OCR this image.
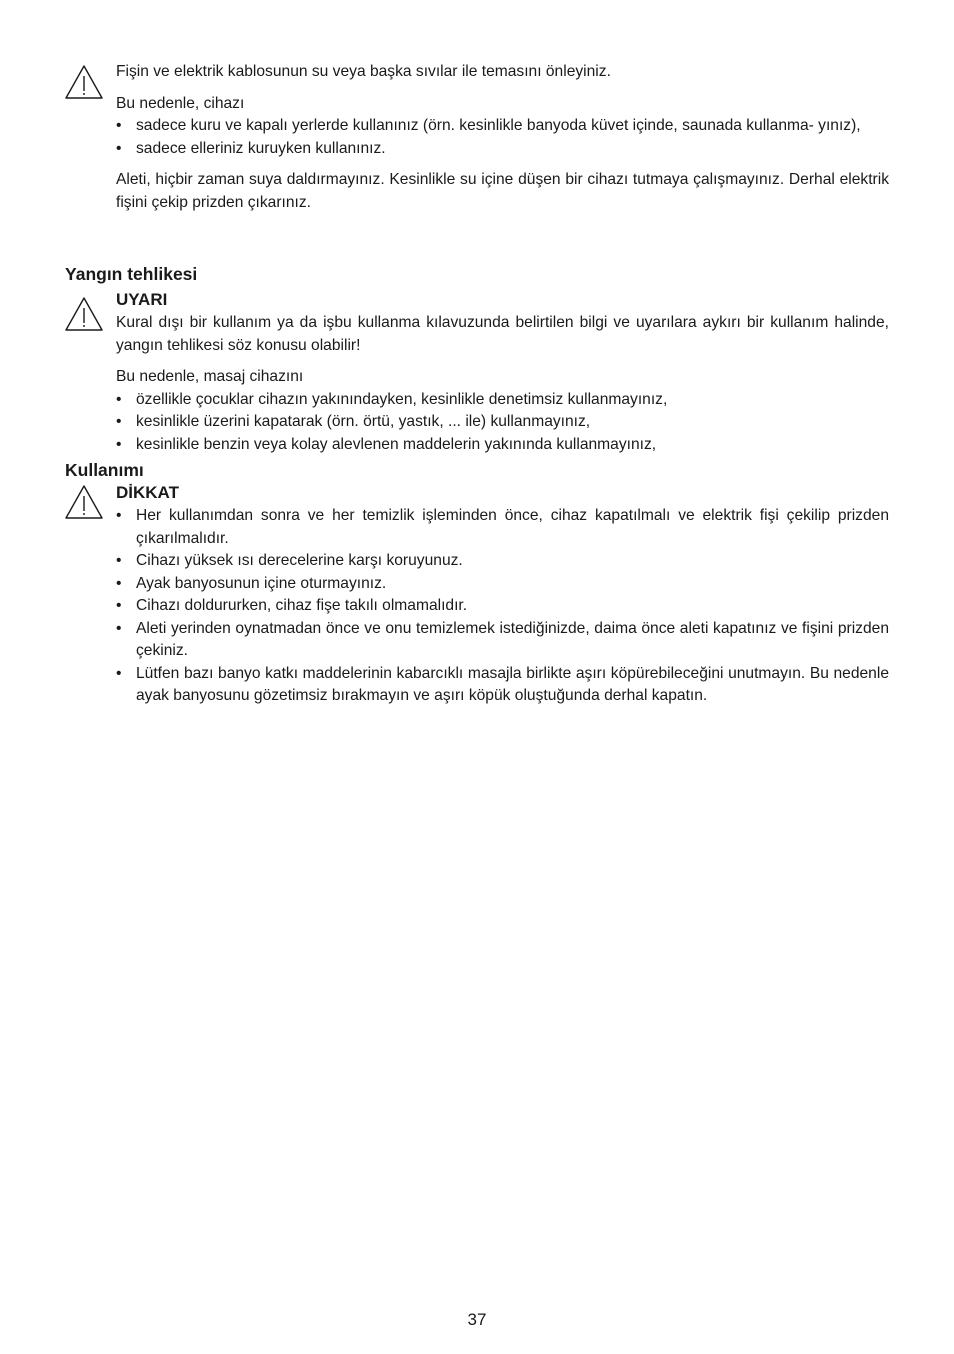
Fişin ve elektrik kablosunun su veya başka sıvılar ile temasını önleyiniz.

Bu nedenle, cihazı

• sadece kuru ve kapalı yerlerde kullanınız (örn. kesinlikle banyoda küvet içinde, saunada kullanma- yınız),
• sadece elleriniz kuruyken kullanınız.

Aleti, hiçbir zaman suya daldırmayınız. Kesinlikle su içine düşen bir cihazı tutmaya çalışmayınız. Derhal elektrik fişini çekip prizden çıkarınız.

Yangın tehlikesi

UYARI

Kural dışı bir kullanım ya da işbu kullanma kılavuzunda belirtilen bilgi ve uyarılara aykırı bir kullanım halinde, yangın tehlikesi söz konusu olabilir!

Bu nedenle, masaj cihazını

• özellikle çocuklar cihazın yakınındayken, kesinlikle denetimsiz kullanmayınız,
• kesinlikle üzerini kapatarak (örn. örtü, yastık, ... ile) kullanmayınız,
• kesinlikle benzin veya kolay alevlenen maddelerin yakınında kullanmayınız,
Kullanımı

DİKKAT

• Her kullanımdan sonra ve her temizlik işleminden önce, cihaz kapatılmalı ve elektrik fişi çekilip prizden çıkarılmalıdır.
• Cihazı yüksek ısı derecelerine karşı koruyunuz.
• Ayak banyosunun içine oturmayınız.
• Cihazı doldururken, cihaz fişe takılı olmamalıdır.
• Aleti yerinden oynatmadan önce ve onu temizlemek istediğinizde, daima önce aleti kapatınız ve fişini prizden çekiniz.
• Lütfen bazı banyo katkı maddelerinin kabarcıklı masajla birlikte aşırı köpürebileceğini unutmayın. Bu nedenle ayak banyosunu gözetimsiz bırakmayın ve aşırı köpük oluştuğunda derhal kapatın.
37
